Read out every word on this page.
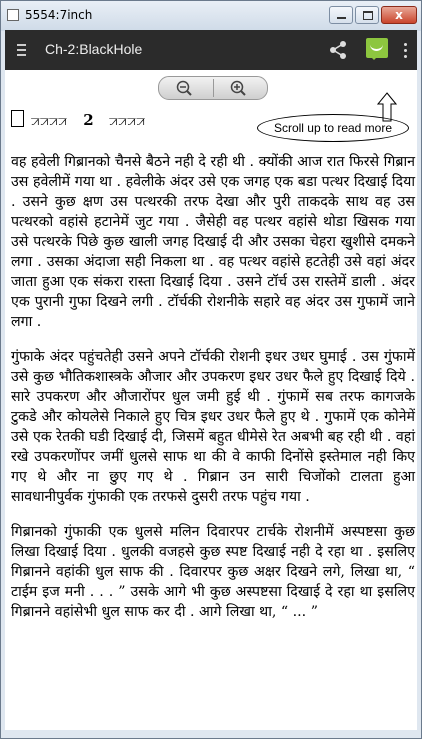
5554:7inch	x
Ch-2:BlackHole
Scroll up to read more
ꠀꠀꠀꠀ 2 ꠀꠀꠀꠀ

वह हवेली गिब्रानको चैनसे बैठने नही दे रही थी . क्योंकी आज रात फिरसे गिब्रान उस हवेलीमें गया था . हवेलीके अंदर उसे एक जगह एक बडा पत्थर दिखाई दिया . उसने कुछ क्षण उस पत्थरकी तरफ देखा और पुरी ताकदके साथ वह उस पत्थरको वहांसे हटानेमें जुट गया . जैसेही वह पत्थर वहांसे थोडा खिसक गया उसे पत्थरके पिछे कुछ खाली जगह दिखाई दी और उसका चेहरा खुशीसे दमकने लगा . उसका अंदाजा सही निकला था . वह पत्थर वहांसे हटतेही उसे वहां अंदर जाता हुआ एक संकरा रास्ता दिखाई दिया . उसने टॉर्च उस रास्तेमें डाली . अंदर एक पुरानी गुफा दिखने लगी . टॉर्चकी रोशनीके सहारे वह अंदर उस गुफामें जाने लगा .

गुंफाके अंदर पहुंचतेही उसने अपने टॉर्चकी रोशनी इधर उधर घुमाई . उस गुंफामें उसे कुछ भौतिकशास्त्रके औजार और उपकरण इधर उधर फैले हुए दिखाई दिये . सारे उपकरण और औजारोंपर धुल जमी हुई थी . गुंफामें सब तरफ कागजके टुकडे और कोयलेसे निकाले हुए चित्र इधर उधर फैले हुए थे . गुफामें एक कोनेमें उसे एक रेतकी घडी दिखाई दी, जिसमें बहुत धीमेसे रेत अबभी बह रही थी . वहां रखे उपकरणोंपर जमीं धुलसे साफ था की वे काफी दिनोंसे इस्तेमाल नही किए गए थे और ना छुए गए थे . गिब्रान उन सारी चिजोंको टालता हुआ सावधानीपुर्वक गुंफाकी एक तरफसे दुसरी तरफ पहुंच गया .

गिब्रानको गुंफाकी एक धुलसे मलिन दिवारपर टार्चके रोशनीमें अस्पष्टसा कुछ लिखा दिखाई दिया . धुलकी वजहसे कुछ स्पष्ट दिखाई नही दे रहा था . इसलिए गिब्रानने वहांकी धुल साफ की . दिवारपर कुछ अक्षर दिखने लगे, लिखा था, “ टाईम इज मनी . . . ” उसके आगे भी कुछ अस्पष्टसा दिखाई दे रहा था इसलिए गिब्रानने वहांसेभी धुल साफ कर दी . आगे लिखा था, “ ... ”
